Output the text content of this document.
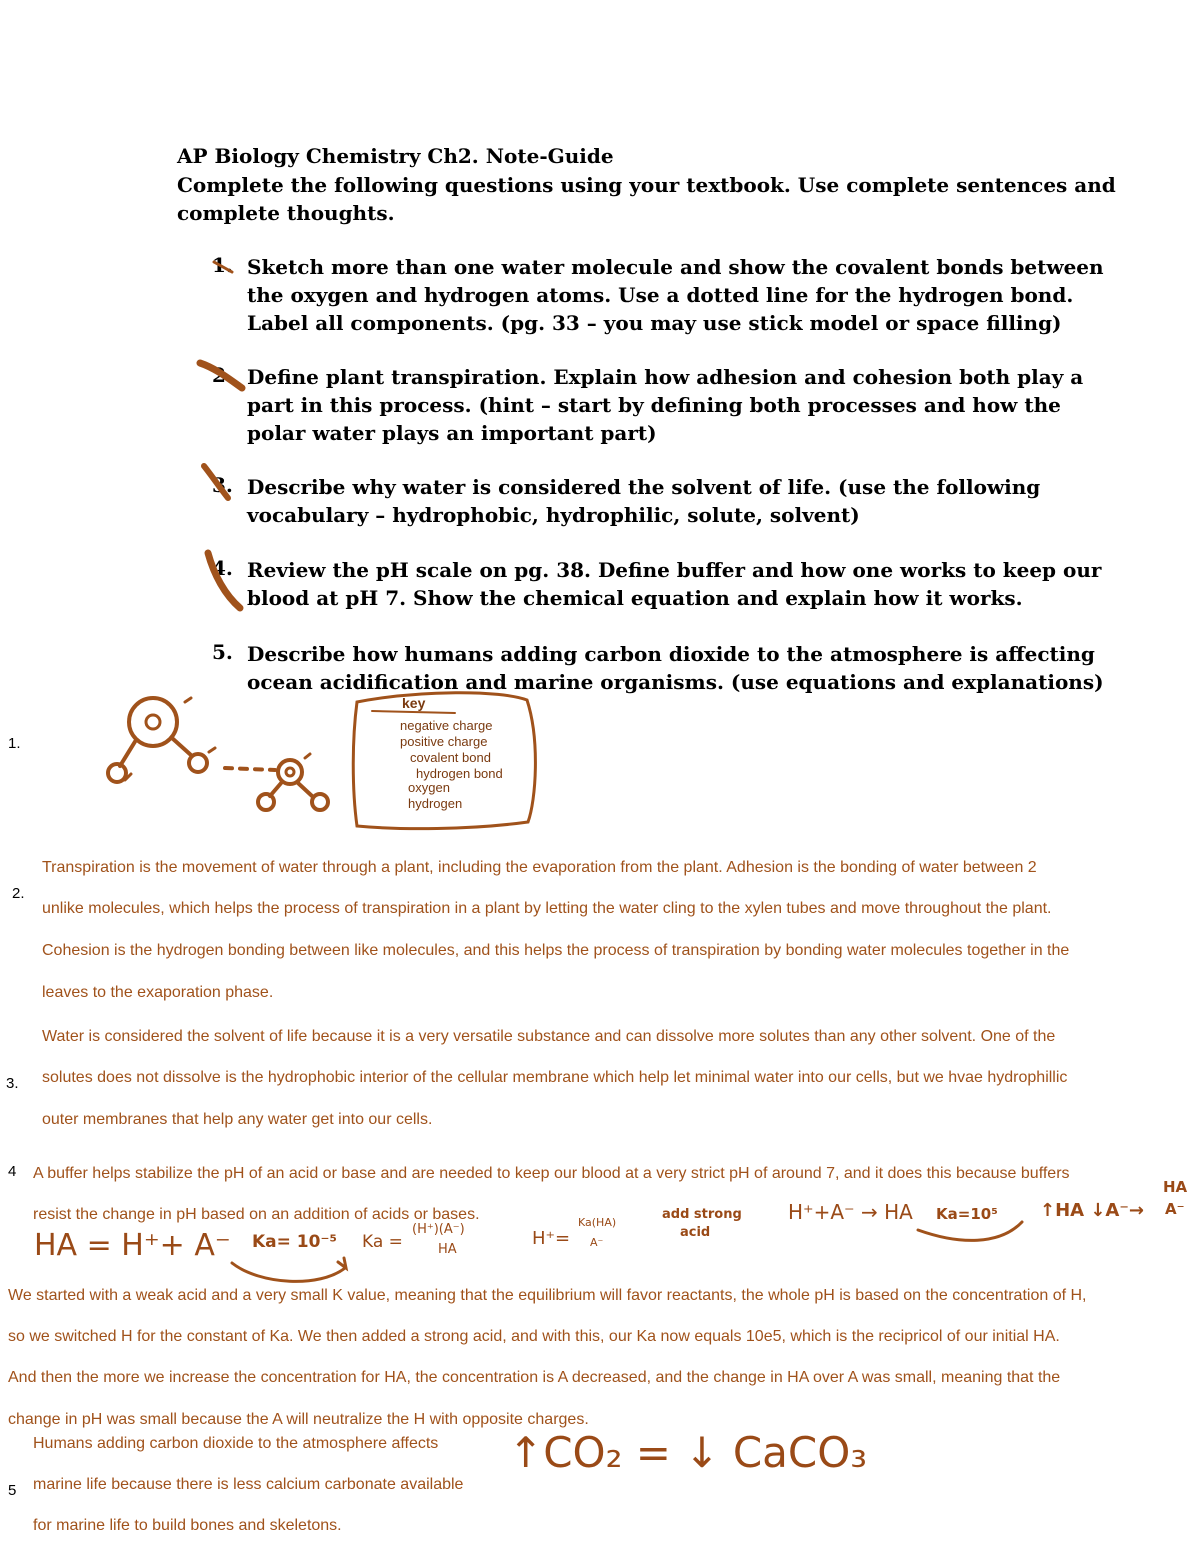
AP Biology Chemistry Ch2. Note-Guide
Complete the following questions using your textbook. Use complete sentences and
complete thoughts.
1. Sketch more than one water molecule and show the covalent bonds between
the oxygen and hydrogen atoms. Use a dotted line for the hydrogen bond.
Label all components. (pg. 33 – you may use stick model or space filling)
2. Define plant transpiration. Explain how adhesion and cohesion both play a
part in this process. (hint – start by defining both processes and how the
polar water plays an important part)
3. Describe why water is considered the solvent of life. (use the following
vocabulary – hydrophobic, hydrophilic, solute, solvent)
4. Review the pH scale on pg. 38. Define buffer and how one works to keep our
blood at pH 7. Show the chemical equation and explain how it works.
5. Describe how humans adding carbon dioxide to the atmosphere is affecting
ocean acidification and marine organisms. (use equations and explanations)
key
negative charge
positive charge
covalent bond
hydrogen bond
oxygen
hydrogen
1.
2.
3.
4
5
Transpiration is the movement of water through a plant, including the evaporation from the plant. Adhesion is the bonding of water between 2
unlike molecules, which helps the process of transpiration in a plant by letting the water cling to the xylen tubes and move throughout the plant.
Cohesion is the hydrogen bonding between like molecules, and this helps the process of transpiration by bonding water molecules together in the
leaves to the exaporation phase.
Water is considered the solvent of life because it is a very versatile substance and can dissolve more solutes than any other solvent. One of the
solutes does not dissolve is the hydrophobic interior of the cellular membrane which help let minimal water into our cells, but we hvae hydrophillic
outer membranes that help any water get into our cells.
A buffer helps stabilize the pH of an acid or base and are needed to keep our blood at a very strict pH of around 7, and it does this because buffers
resist the change in pH based on an addition of acids or bases.
HA = H⁺+ A⁻ Ka= 10⁻⁵ Ka =
(H⁺)(A⁻)
HA
H⁺=
Ka(HA)
A⁻
add strong
acid
H⁺+A⁻ → HA Ka=10⁵ ↑HA ↓A⁻→
HA
A⁻
We started with a weak acid and a very small K value, meaning that the equilibrium will favor reactants, the whole pH is based on the concentration of H,
so we switched H for the constant of Ka. We then added a strong acid, and with this, our Ka now equals 10e5, which is the recipricol of our initial HA.
And then the more we increase the concentration for HA, the concentration is A decreased, and the change in HA over A was small, meaning that the
change in pH was small because the A will neutralize the H with opposite charges.
Humans adding carbon dioxide to the atmosphere affects
marine life because there is less calcium carbonate available
for marine life to build bones and skeletons.
↑CO₂ = ↓ CaCO₃
